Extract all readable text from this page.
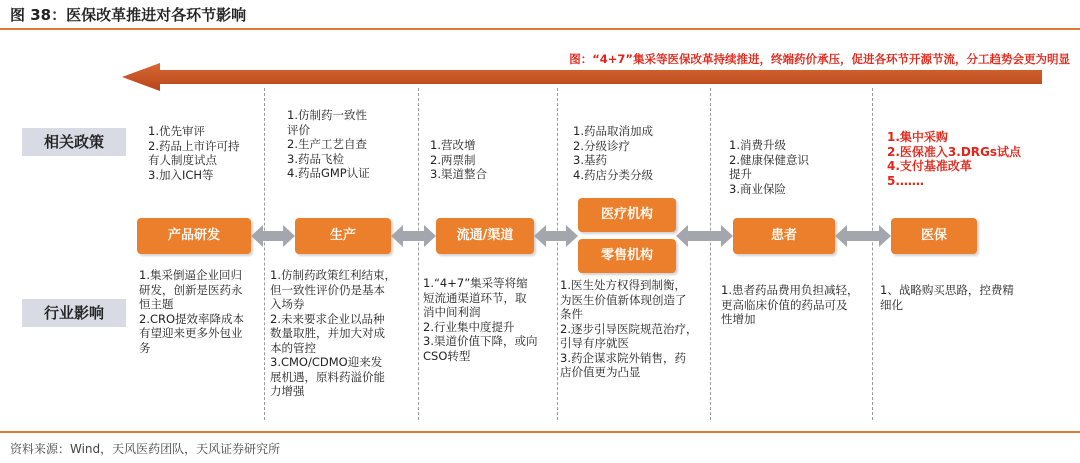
图 38：医保改革推进对各环节影响
图：“4+7”集采等医保改革持续推进，终端药价承压，促进各环节开源节流，分工趋势会更为明显
相关政策
行业影响
1.优先审评
2.药品上市许可持
有人制度试点
3.加入ICH等
1.仿制药一致性
评价
2.生产工艺自查
3.药品飞检
4.药品GMP认证
1.营改增
2.两票制
3.渠道整合
1.药品取消加成
2.分级诊疗
3.基药
4.药店分类分级
1.消费升级
2.健康保健意识
提升
3.商业保险
1.集中采购
2.医保准入3.DRGs试点
4.支付基准改革
5.……
产品研发	生产	流通/渠道
医疗机构
零售机构
患者	医保
1.集采倒逼企业回归
研发，创新是医药永
恒主题
2.CRO提效率降成本
有望迎来更多外包业
务
1.仿制药政策红利结束，
但一致性评价仍是基本
入场券
2.未来要求企业以品种
数量取胜，并加大对成
本的管控
3.CMO/CDMO迎来发
展机遇，原料药溢价能
力增强
1.“4+7”集采等将缩
短流通渠道环节，取
消中间利润
2.行业集中度提升
3.渠道价值下降，或向
CSO转型
1.医生处方权得到制衡，
为医生价值新体现创造了
条件
2.逐步引导医院规范治疗，
引导有序就医
3.药企谋求院外销售，药
店价值更为凸显
1.患者药品费用负担减轻，
更高临床价值的药品可及
性增加
1、战略购买思路，控费精
细化
资料来源：Wind，天风医药团队，天风证券研究所
